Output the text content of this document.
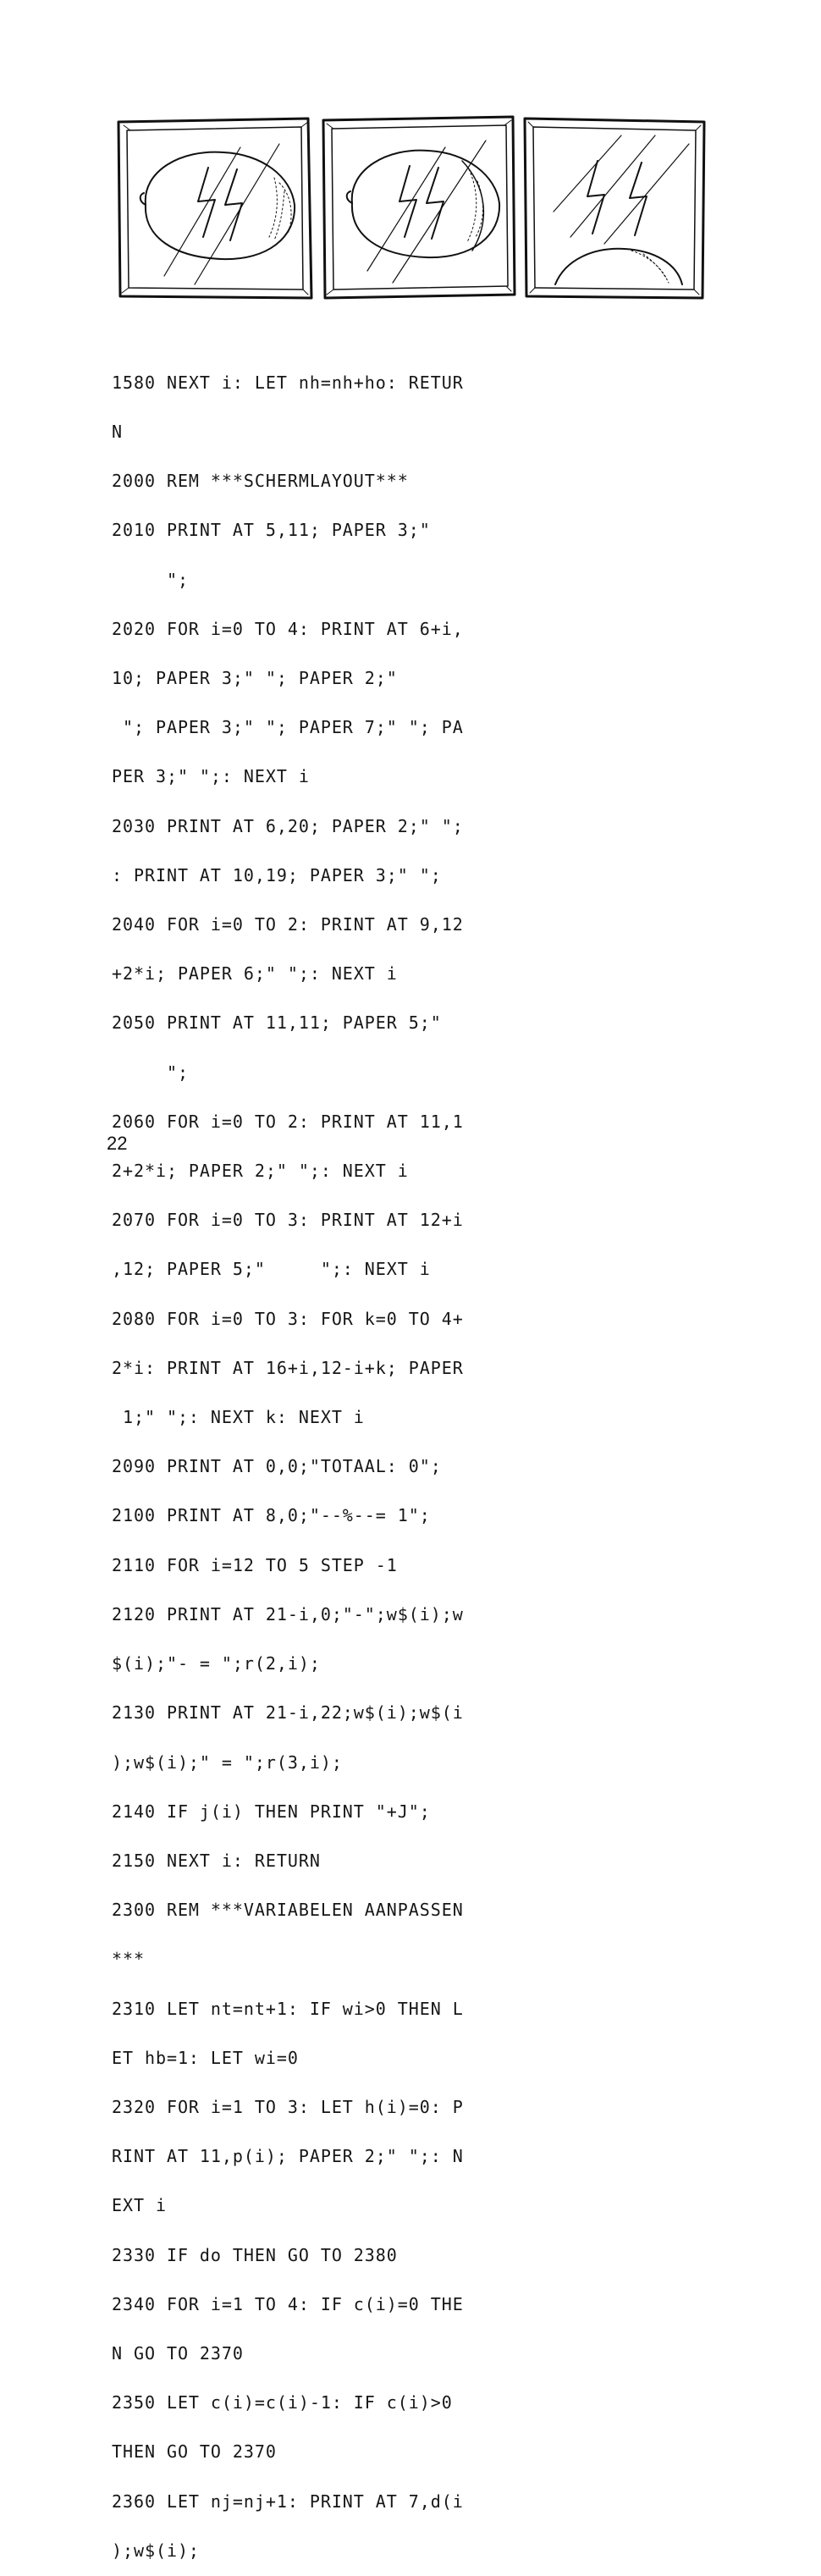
1580 NEXT i: LET nh=nh+ho: RETUR

N

2000 REM ***SCHERMLAYOUT***

2010 PRINT AT 5,11; PAPER 3;"

";

2020 FOR i=0 TO 4: PRINT AT 6+i,

10; PAPER 3;" "; PAPER 2;"

"; PAPER 3;" "; PAPER 7;" "; PA

PER 3;" ";: NEXT i

2030 PRINT AT 6,20; PAPER 2;" ";

: PRINT AT 10,19; PAPER 3;" ";

2040 FOR i=0 TO 2: PRINT AT 9,12

+2*i; PAPER 6;" ";: NEXT i

2050 PRINT AT 11,11; PAPER 5;"

";

2060 FOR i=0 TO 2: PRINT AT 11,1

2+2*i; PAPER 2;" ";: NEXT i

2070 FOR i=0 TO 3: PRINT AT 12+i

,12; PAPER 5;"     ";: NEXT i

2080 FOR i=0 TO 3: FOR k=0 TO 4+

2*i: PRINT AT 16+i,12-i+k; PAPER

1;" ";: NEXT k: NEXT i

2090 PRINT AT 0,0;"TOTAAL: 0";

2100 PRINT AT 8,0;"--%--= 1";

2110 FOR i=12 TO 5 STEP -1

2120 PRINT AT 21-i,0;"-";w$(i);w

$(i);"- = ";r(2,i);

2130 PRINT AT 21-i,22;w$(i);w$(i

);w$(i);" = ";r(3,i);

2140 IF j(i) THEN PRINT "+J";

2150 NEXT i: RETURN

2300 REM ***VARIABELEN AANPASSEN

***

2310 LET nt=nt+1: IF wi>0 THEN L

ET hb=1: LET wi=0

2320 FOR i=1 TO 3: LET h(i)=0: P

RINT AT 11,p(i); PAPER 2;" ";: N

EXT i

2330 IF do THEN GO TO 2380

2340 FOR i=1 TO 4: IF c(i)=0 THE

N GO TO 2370

2350 LET c(i)=c(i)-1: IF c(i)>0

THEN GO TO 2370

2360 LET nj=nj+1: PRINT AT 7,d(i

);w$(i);

22
